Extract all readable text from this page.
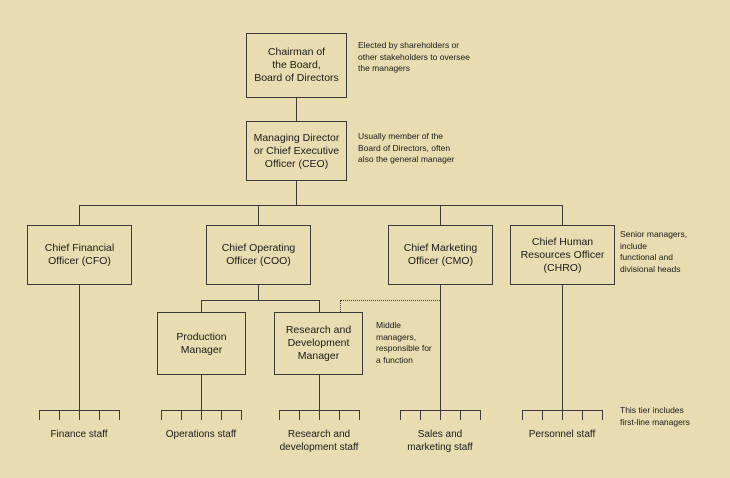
Chairman of
the Board,
Board of Directors
Managing Director
or Chief Executive
Officer (CEO)
Chief Financial
Officer (CFO)
Chief Operating
Officer (COO)
Chief Marketing
Officer (CMO)
Chief Human
Resources Officer
(CHRO)
Production
Manager
Research and
Development
Manager
Elected by shareholders or
other stakeholders to oversee
the managers
Usually member of the
Board of Directors, often
also the general manager
Senior managers,
include
functional and
divisional heads
Middle
managers,
responsible for
a function
This tier includes
first-line managers
Finance staff	Operations staff	Research and
development staff
Sales and
marketing staff
Personnel staff
